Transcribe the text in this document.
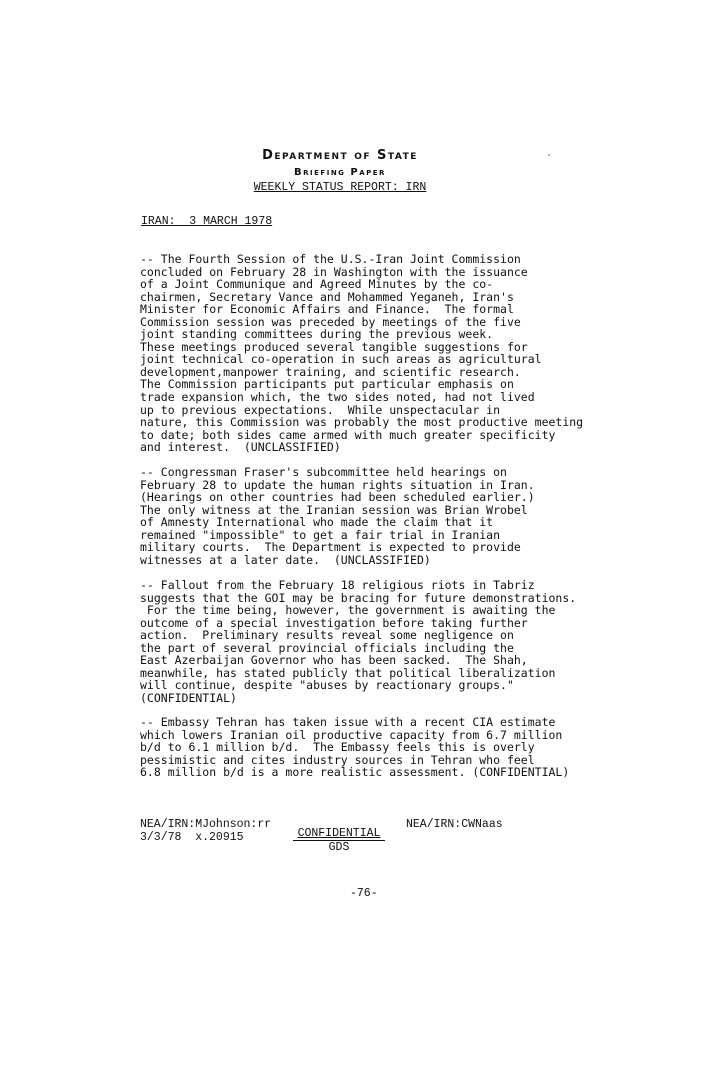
Department of State
Briefing Paper
WEEKLY STATUS REPORT: IRN
IRAN:  3 MARCH 1978
-- The Fourth Session of the U.S.-Iran Joint Commission
concluded on February 28 in Washington with the issuance
of a Joint Communique and Agreed Minutes by the co-
chairmen, Secretary Vance and Mohammed Yeganeh, Iran's
Minister for Economic Affairs and Finance.  The formal
Commission session was preceded by meetings of the five
joint standing committees during the previous week.
These meetings produced several tangible suggestions for
joint technical co-operation in such areas as agricultural
development,manpower training, and scientific research.
The Commission participants put particular emphasis on
trade expansion which, the two sides noted, had not lived
up to previous expectations.  While unspectacular in
nature, this Commission was probably the most productive meeting
to date; both sides came armed with much greater specificity
and interest.  (UNCLASSIFIED)
-- Congressman Fraser's subcommittee held hearings on
February 28 to update the human rights situation in Iran.
(Hearings on other countries had been scheduled earlier.)
The only witness at the Iranian session was Brian Wrobel
of Amnesty International who made the claim that it
remained "impossible" to get a fair trial in Iranian
military courts.  The Department is expected to provide
witnesses at a later date.  (UNCLASSIFIED)
-- Fallout from the February 18 religious riots in Tabriz
suggests that the GOI may be bracing for future demonstrations.
For the time being, however, the government is awaiting the
outcome of a special investigation before taking further
action.  Preliminary results reveal some negligence on
the part of several provincial officials including the
East Azerbaijan Governor who has been sacked.  The Shah,
meanwhile, has stated publicly that political liberalization
will continue, despite "abuses by reactionary groups."
(CONFIDENTIAL)
-- Embassy Tehran has taken issue with a recent CIA estimate
which lowers Iranian oil productive capacity from 6.7 million
b/d to 6.1 million b/d.  The Embassy feels this is overly
pessimistic and cites industry sources in Tehran who feel
6.8 million b/d is a more realistic assessment. (CONFIDENTIAL)
NEA/IRN:MJohnson:rr
3/3/78  x.20915
NEA/IRN:CWNaas
CONFIDENTIAL
GDS
-76-
